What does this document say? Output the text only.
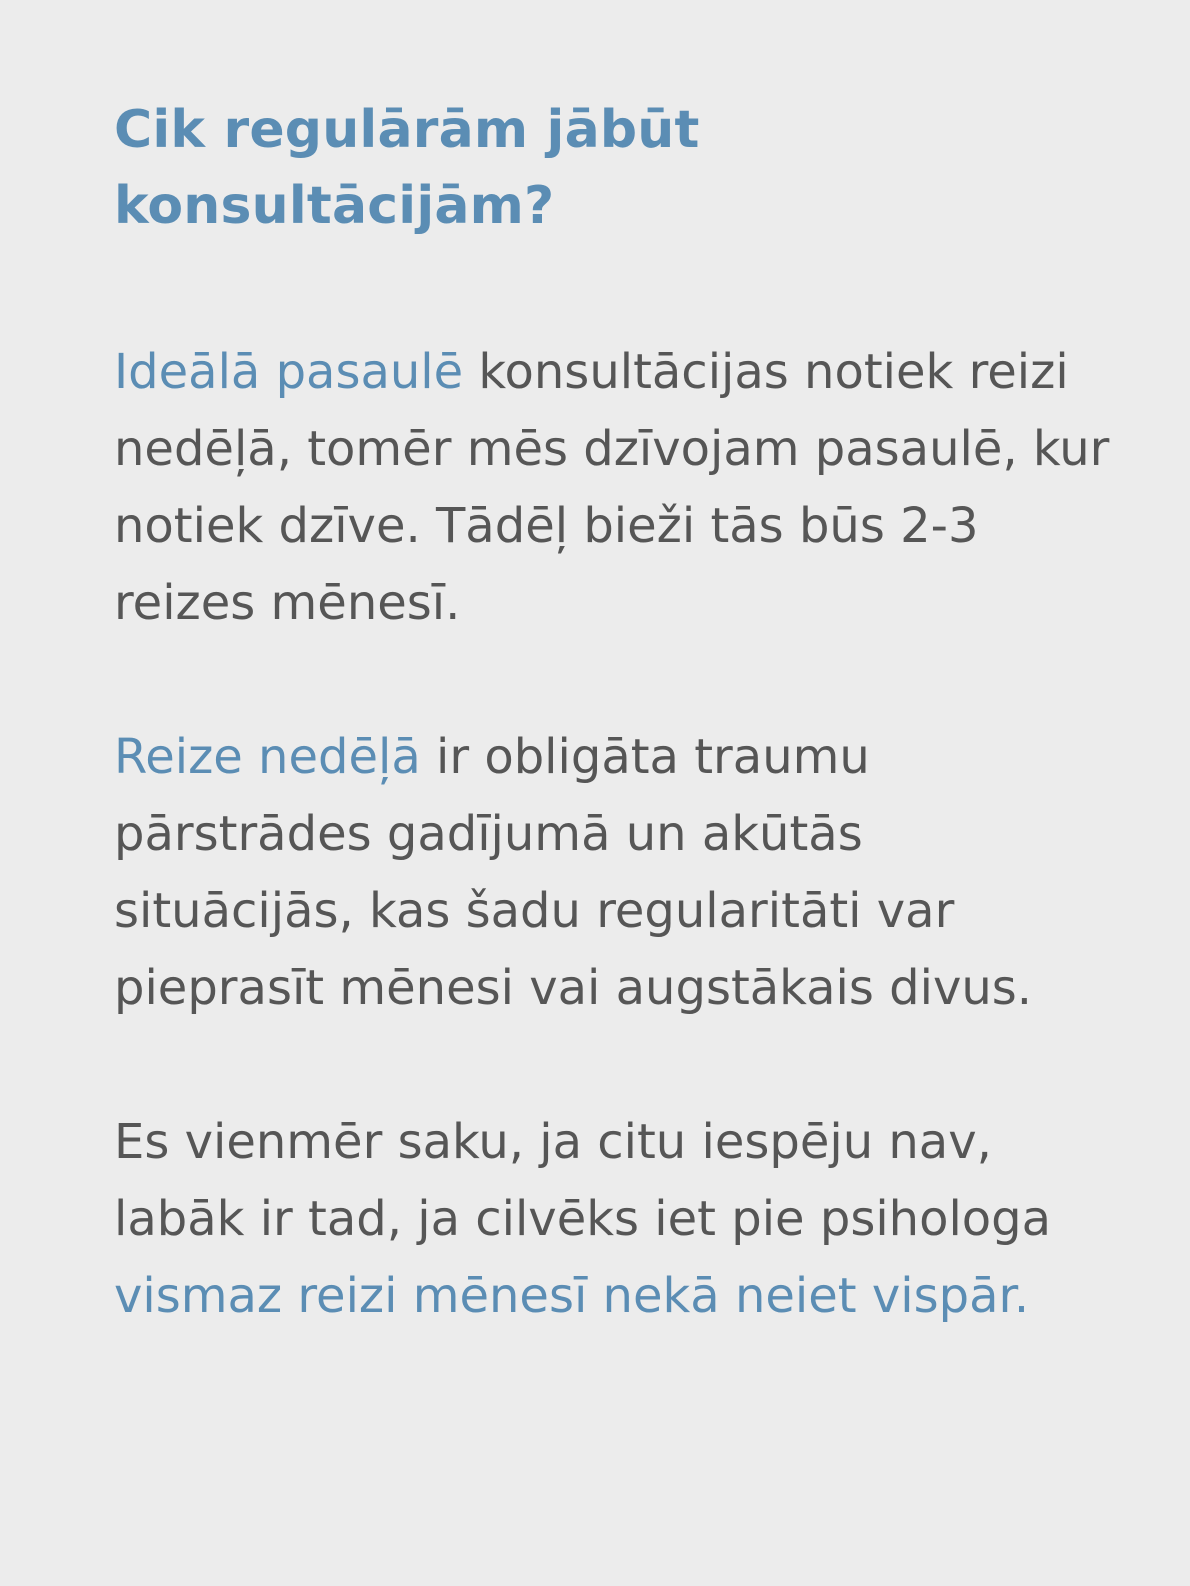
Cik regulārām jābūt konsultācijām?

Ideālā pasaulē konsultācijas notiek reizi nedēļā, tomēr mēs dzīvojam pasaulē, kur notiek dzīve. Tādēļ bieži tās būs 2-3 reizes mēnesī.

Reize nedēļā ir obligāta traumu pārstrādes gadījumā un akūtās situācijās, kas šadu regularitāti var pieprasīt mēnesi vai augstākais divus.

Es vienmēr saku, ja citu iespēju nav, labāk ir tad, ja cilvēks iet pie psihologa vismaz reizi mēnesī nekā neiet vispār.
